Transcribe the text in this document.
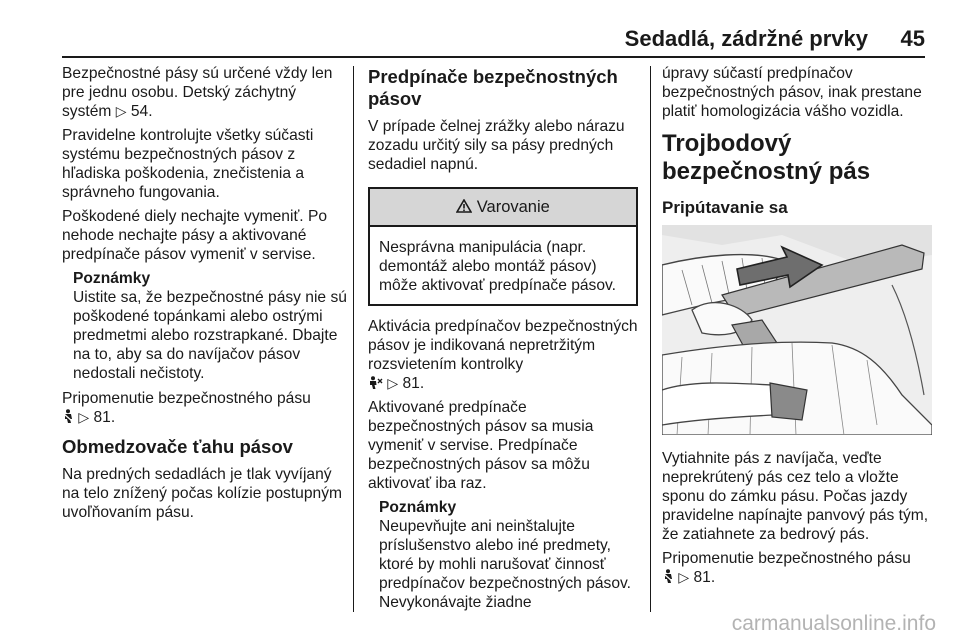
Sedadlá, zádržné prvky 45

Bezpečnostné pásy sú určené vždy len pre jednu osobu. Detský záchytný systém ▷ 54.

Pravidelne kontrolujte všetky súčasti systému bezpečnostných pásov z hľadiska poškodenia, znečistenia a správneho fungovania.

Poškodené diely nechajte vymeniť. Po nehode nechajte pásy a aktivované predpínače pásov vymeniť v servise.

Poznámky
Uistite sa, že bezpečnostné pásy nie sú poškodené topánkami alebo ostrými predmetmi alebo rozstrapkané. Dbajte na to, aby sa do navíjačov pásov nedostali nečistoty.

Pripomenutie bezpečnostného pásu
▷ 81.

Obmedzovače ťahu pásov

Na predných sedadlách je tlak vyvíjaný na telo znížený počas kolízie postupným uvoľňovaním pásu.

Predpínače bezpečnostných pásov

V prípade čelnej zrážky alebo nárazu zozadu určitý sily sa pásy predných sedadiel napnú.

Varovanie
Nesprávna manipulácia (napr. demontáž alebo montáž pásov) môže aktivovať predpínače pásov.

Aktivácia predpínačov bezpečnostných pásov je indikovaná nepretržitým rozsvietením kontrolky
▷ 81.

Aktivované predpínače bezpečnostných pásov sa musia vymeniť v servise. Predpínače bezpečnostných pásov sa môžu aktivovať iba raz.

Poznámky
Neupevňujte ani neinštalujte príslušenstvo alebo iné predmety, ktoré by mohli narušovať činnosť predpínačov bezpečnostných pásov. Nevykonávajte žiadne

úpravy súčastí predpínačov bezpečnostných pásov, inak prestane platiť homologizácia vášho vozidla.

Trojbodový bezpečnostný pás
Pripútavanie sa

Vytiahnite pás z navíjača, veďte neprekrútený pás cez telo a vložte sponu do zámku pásu. Počas jazdy pravidelne napínajte panvový pás tým, že zatiahnete za bedrový pás.

Pripomenutie bezpečnostného pásu
▷ 81.

carmanualsonline.info
